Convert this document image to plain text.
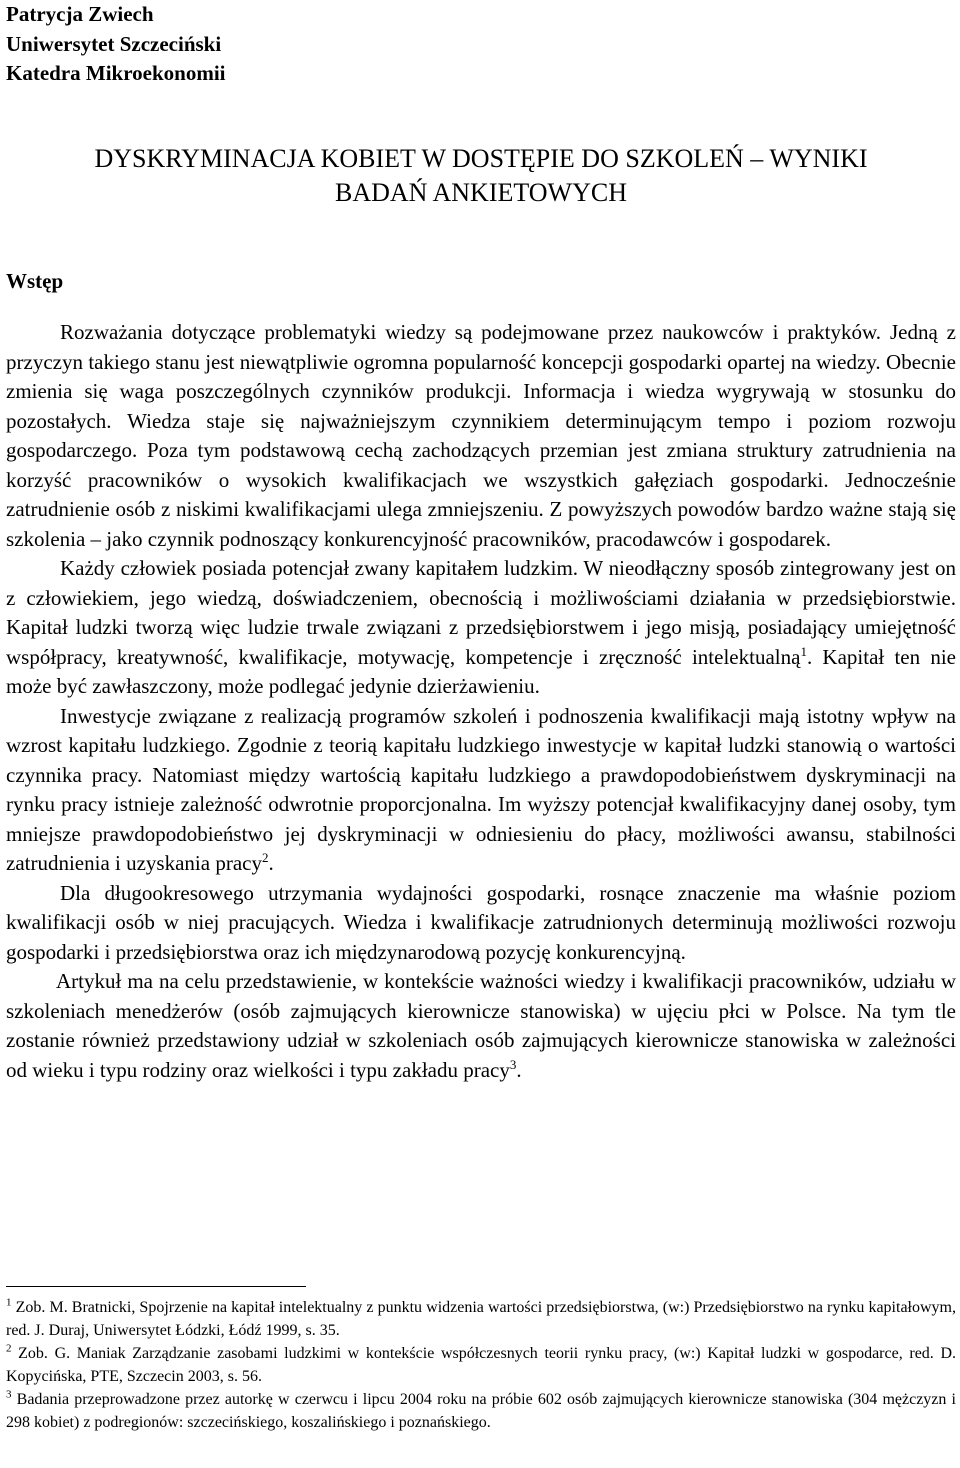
Patrycja Zwiech
Uniwersytet Szczeciński
Katedra Mikroekonomii
DYSKRYMINACJA KOBIET W DOSTĘPIE DO SZKOLEŃ – WYNIKI
BADAŃ ANKIETOWYCH
Wstęp

Rozważania dotyczące problematyki wiedzy są podejmowane przez naukowców i praktyków. Jedną z przyczyn takiego stanu jest niewątpliwie ogromna popularność koncepcji gospodarki opartej na wiedzy. Obecnie zmienia się waga poszczególnych czynników produkcji. Informacja i wiedza wygrywają w stosunku do pozostałych. Wiedza staje się najważniejszym czynnikiem determinującym tempo i poziom rozwoju gospodarczego. Poza tym podstawową cechą zachodzących przemian jest zmiana struktury zatrudnienia na korzyść pracowników o wysokich kwalifikacjach we wszystkich gałęziach gospodarki. Jednocześnie zatrudnienie osób z niskimi kwalifikacjami ulega zmniejszeniu. Z powyższych powodów bardzo ważne stają się szkolenia – jako czynnik podnoszący konkurencyjność pracowników, pracodawców i gospodarek.

Każdy człowiek posiada potencjał zwany kapitałem ludzkim. W nieodłączny sposób zintegrowany jest on z człowiekiem, jego wiedzą, doświadczeniem, obecnością i możliwościami działania w przedsiębiorstwie. Kapitał ludzki tworzą więc ludzie trwale związani z przedsiębiorstwem i jego misją, posiadający umiejętność współpracy, kreatywność, kwalifikacje, motywację, kompetencje i zręczność intelektualną$^1$. Kapitał ten nie może być zawłaszczony, może podlegać jedynie dzierżawieniu.

Inwestycje związane z realizacją programów szkoleń i podnoszenia kwalifikacji mają istotny wpływ na wzrost kapitału ludzkiego. Zgodnie z teorią kapitału ludzkiego inwestycje w kapitał ludzki stanowią o wartości czynnika pracy. Natomiast między wartością kapitału ludzkiego a prawdopodobieństwem dyskryminacji na rynku pracy istnieje zależność odwrotnie proporcjonalna. Im wyższy potencjał kwalifikacyjny danej osoby, tym mniejsze prawdopodobieństwo jej dyskryminacji w odniesieniu do płacy, możliwości awansu, stabilności zatrudnienia i uzyskania pracy$^2$.

Dla długookresowego utrzymania wydajności gospodarki, rosnące znaczenie ma właśnie poziom kwalifikacji osób w niej pracujących. Wiedza i kwalifikacje zatrudnionych determinują możliwości rozwoju gospodarki i przedsiębiorstwa oraz ich międzynarodową pozycję konkurencyjną.

Artykuł ma na celu przedstawienie, w kontekście ważności wiedzy i kwalifikacji pracowników, udziału w szkoleniach menedżerów (osób zajmujących kierownicze stanowiska) w ujęciu płci w Polsce. Na tym tle zostanie również przedstawiony udział w szkoleniach osób zajmujących kierownicze stanowiska w zależności od wieku i typu rodziny oraz wielkości i typu zakładu pracy$^3$.

$^1$ Zob. M. Bratnicki, Spojrzenie na kapitał intelektualny z punktu widzenia wartości przedsiębiorstwa, (w:) Przedsiębiorstwo na rynku kapitałowym, red. J. Duraj, Uniwersytet Łódzki, Łódź 1999, s. 35.

$^2$ Zob. G. Maniak Zarządzanie zasobami ludzkimi w kontekście współczesnych teorii rynku pracy, (w:) Kapitał ludzki w gospodarce, red. D. Kopycińska, PTE, Szczecin 2003, s. 56.

$^3$ Badania przeprowadzone przez autorkę w czerwcu i lipcu 2004 roku na próbie 602 osób zajmujących kierownicze stanowiska (304 mężczyzn i 298 kobiet) z podregionów: szczecińskiego, koszalińskiego i poznańskiego.
